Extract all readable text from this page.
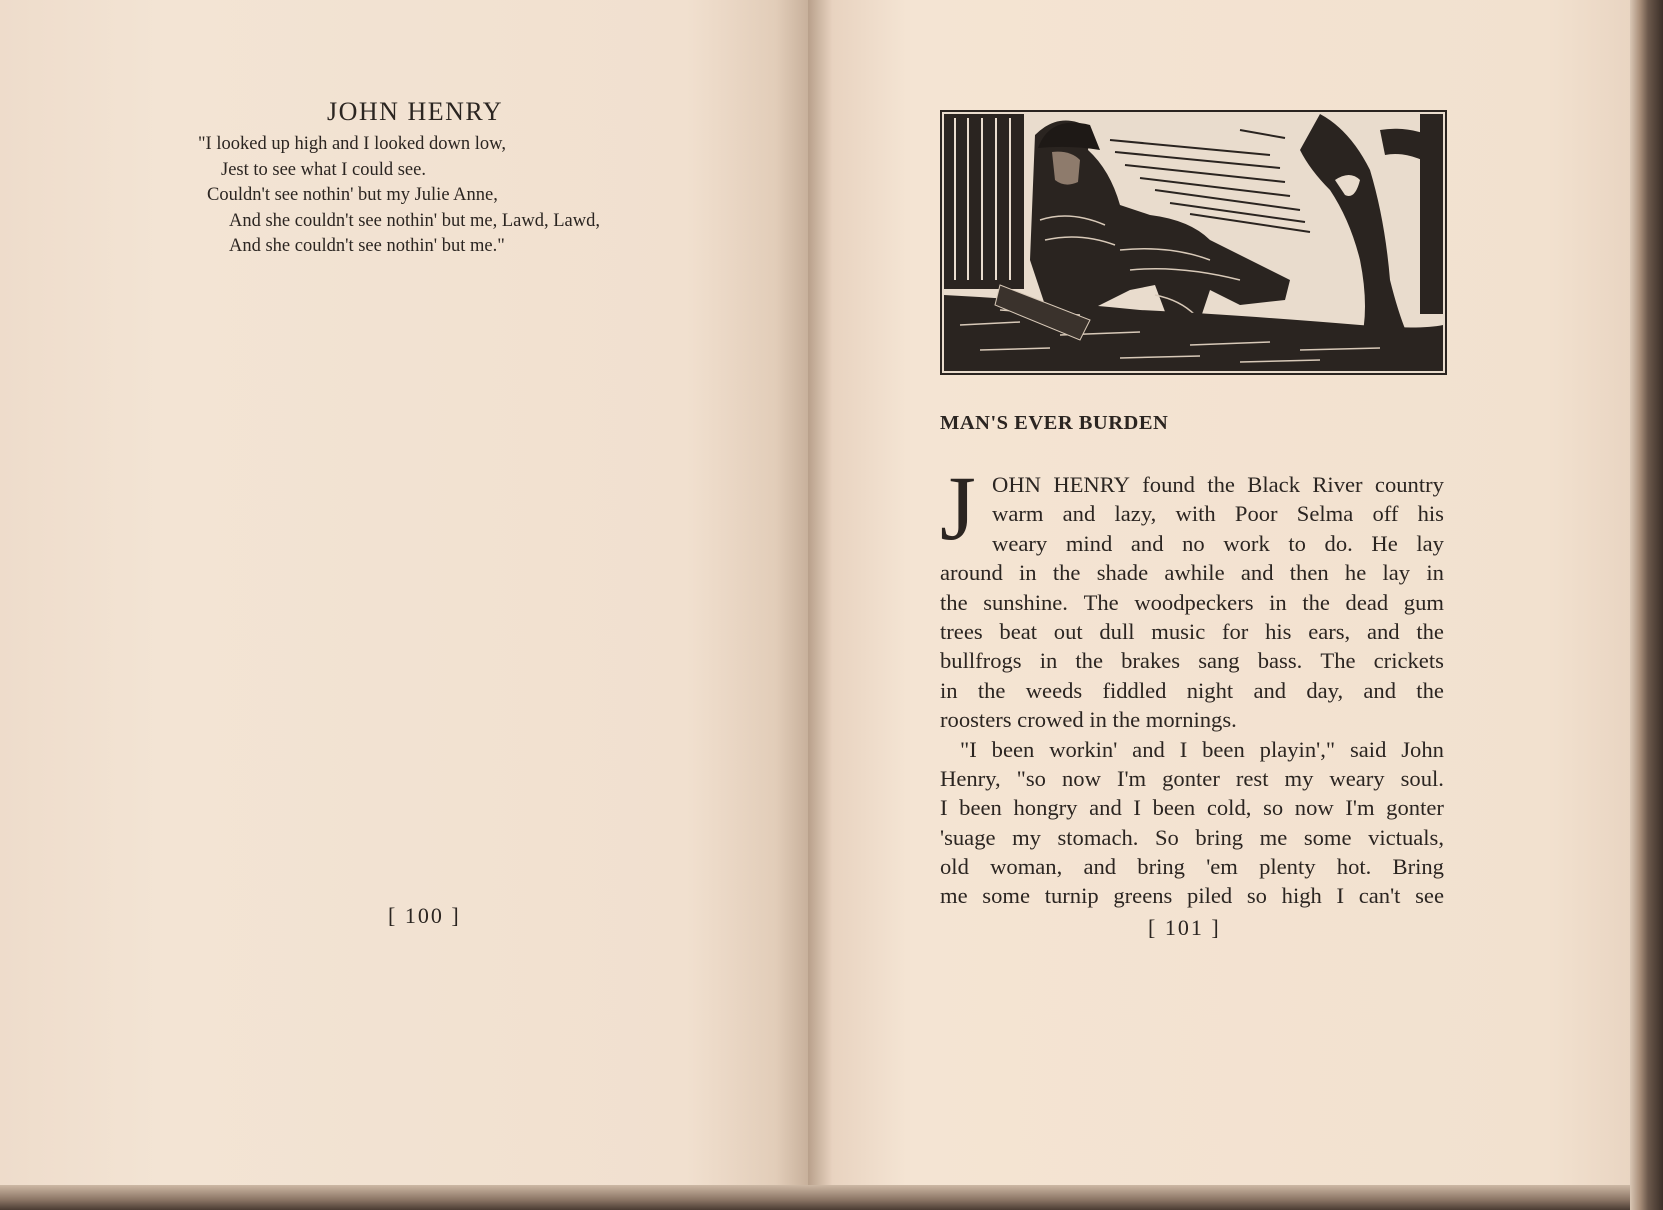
JOHN HENRY
"I looked up high and I looked down low,
Jest to see what I could see.
Couldn't see nothin' but my Julie Anne,
And she couldn't see nothin' but me, Lawd, Lawd,
And she couldn't see nothin' but me."
[ 100 ]
MAN'S EVER BURDEN
J OHN HENRY found the Black River country
warm and lazy, with Poor Selma off his
weary mind and no work to do. He lay
around in the shade awhile and then he lay in
the sunshine. The woodpeckers in the dead gum
trees beat out dull music for his ears, and the
bullfrogs in the brakes sang bass. The crickets
in the weeds fiddled night and day, and the
roosters crowed in the mornings.
"I been workin' and I been playin'," said John
Henry, "so now I'm gonter rest my weary soul.
I been hongry and I been cold, so now I'm gonter
'suage my stomach. So bring me some victuals,
old woman, and bring 'em plenty hot. Bring
me some turnip greens piled so high I can't see
[ 101 ]
